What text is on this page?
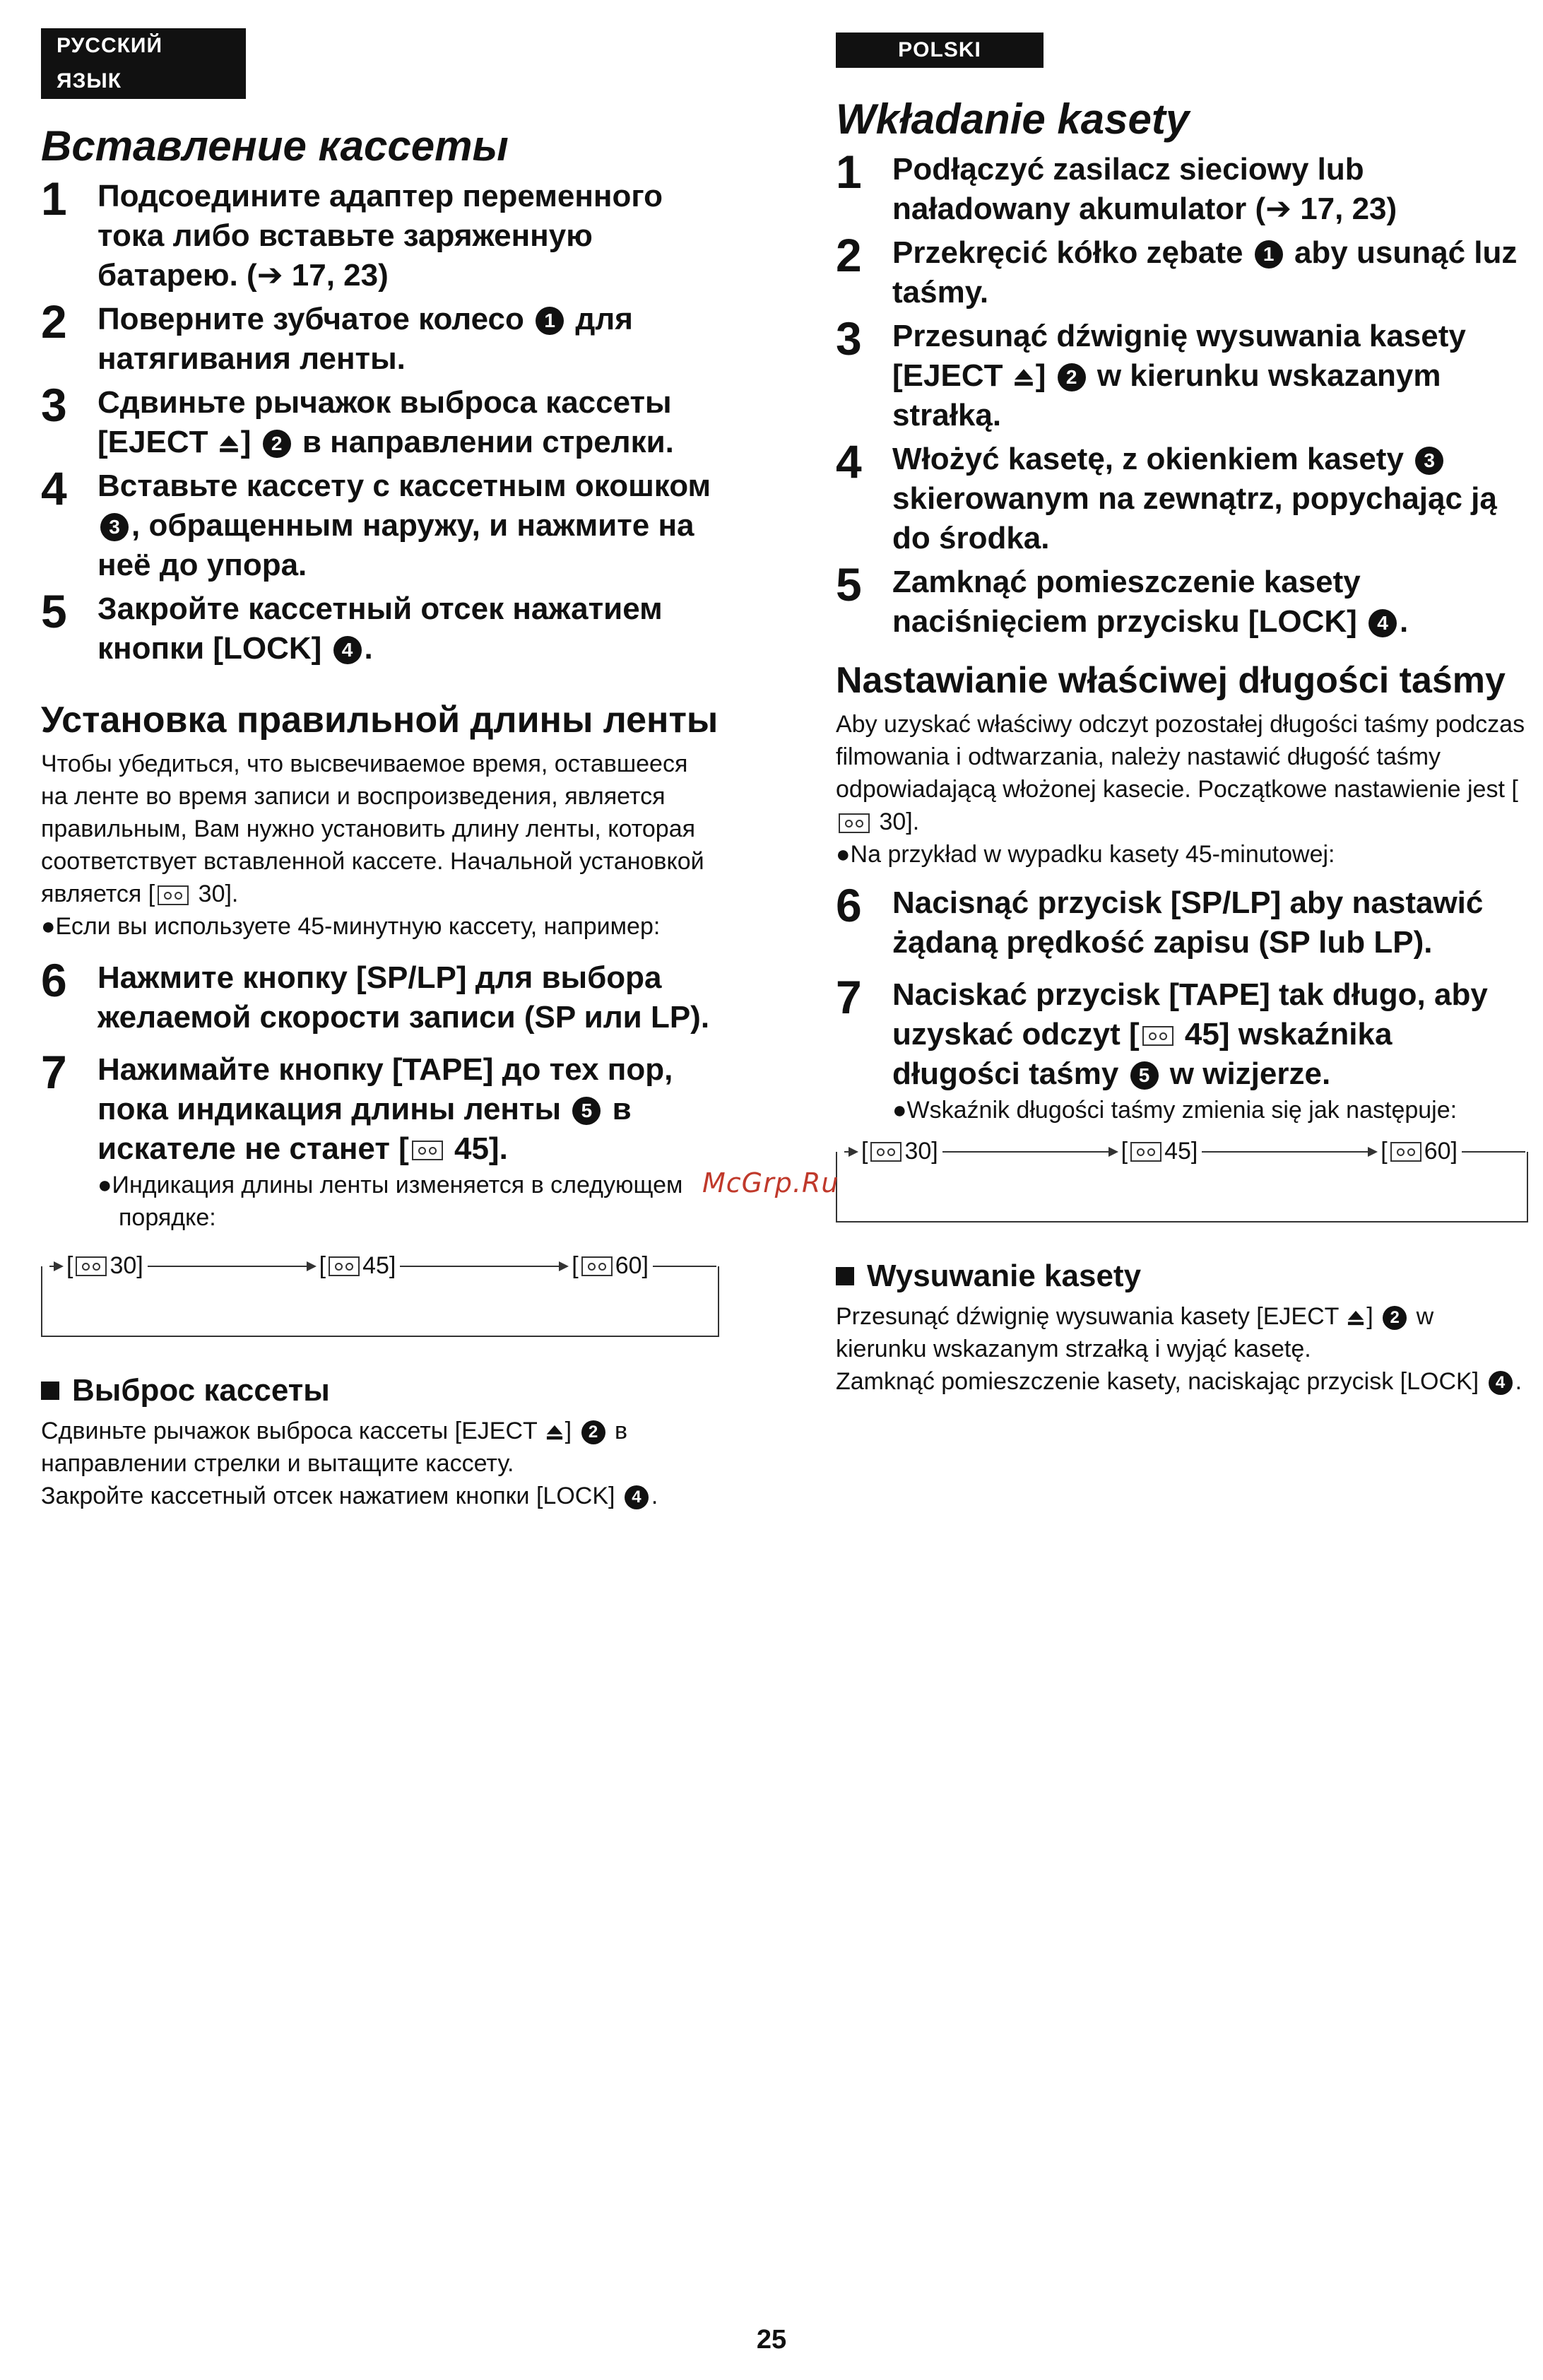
РУССКИЙ ЯЗЫК
Вставление кассеты
1 Подсоедините адаптер переменного тока либо вставьте заряженную батарею. (➔ 17, 23)
2 Поверните зубчатое колесо 1 для натягивания ленты.
3 Сдвиньте рычажок выброса кассеты [EJECT ] 2 в направлении стрелки.
4 Вставьте кассету с кассетным окошком 3 , обращенным наружу, и нажмите на неё до упора.
5 Закройте кассетный отсек нажатием кнопки [LOCK] 4 .
Установка правильной длины ленты

Чтобы убедиться, что высвечиваемое время, оставшееся на ленте во время записи и воспроизведения, является правильным, Вам нужно установить длину ленты, которая соответствует вставленной кассете. Начальной установкой является [ 30].

●Если вы используете 45-минутную кассету, например:

6 Нажмите кнопку [SP/LP] для выбора желаемой скорости записи (SP или LP).
7 Нажимайте кнопку [TAPE] до тех пор, пока индикация длины ленты 5 в искателе не станет [ 45].

●Индикация длины ленты изменяется в следующем порядке:

[ 30]	[ 45]	[ 60]
Выброс кассеты

Сдвиньте рычажок выброса кассеты [EJECT ] 2 в направлении стрелки и вытащите кассету.

Закройте кассетный отсек нажатием кнопки [LOCK] 4 .

POLSKI
Wkładanie kasety
1 Podłączyć zasilacz sieciowy lub naładowany akumulator (➔ 17, 23)
2 Przekręcić kółko zębate 1 aby usunąć luz taśmy.
3 Przesunąć dźwignię wysuwania kasety [EJECT ] 2 w kierunku wskazanym strałką.
4 Włożyć kasetę, z okienkiem kasety 3 skierowanym na zewnątrz, popychając ją do środka.
5 Zamknąć pomieszczenie kasety naciśnięciem przycisku [LOCK] 4 .
Nastawianie właściwej długości taśmy

Aby uzyskać właściwy odczyt pozostałej długości taśmy podczas filmowania i odtwarzania, należy nastawić długość taśmy odpowiadającą włożonej kasecie. Początkowe nastawienie jest [ 30].

●Na przykład w wypadku kasety 45-minutowej:

6 Nacisnąć przycisk [SP/LP] aby nastawić żądaną prędkość zapisu (SP lub LP).
7 Naciskać przycisk [TAPE] tak długo, aby uzyskać odczyt [ 45] wskaźnika długości taśmy 5 w wizjerze.

●Wskaźnik długości taśmy zmienia się jak następuje:

[ 30]	[ 45]	[ 60]
Wysuwanie kasety

Przesunąć dźwignię wysuwania kasety [EJECT ] 2 w kierunku wskazanym strzałką i wyjąć kasetę.

Zamknąć pomieszczenie kasety, naciskając przycisk [LOCK] 4 .

McGrp.Ru
25
